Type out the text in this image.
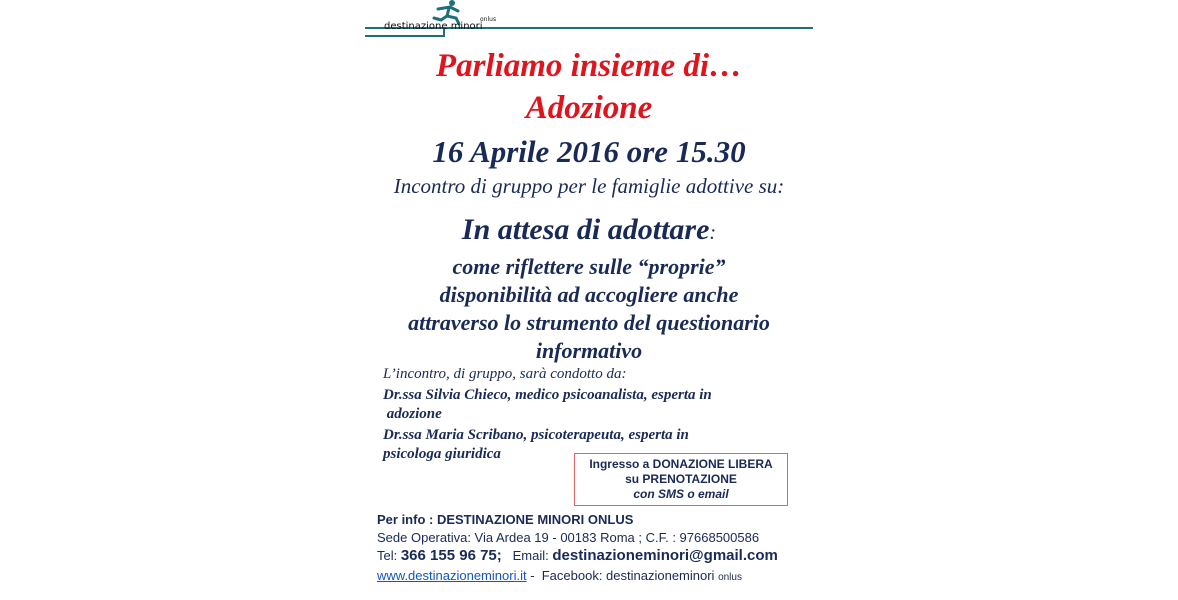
destinazione minori
onlus
Parliamo insieme di…
Adozione
16 Aprile 2016 ore 15.30
Incontro di gruppo per le famiglie adottive su:
In attesa di adottare:
come riflettere sulle “proprie”
disponibilità ad accogliere anche
attraverso lo strumento del questionario
informativo
L’incontro, di gruppo, sarà condotto da:
Dr.ssa Silvia Chieco, medico psicoanalista, esperta in
adozione
Dr.ssa Maria Scribano, psicoterapeuta, esperta in
psicologa giuridica
Ingresso a DONAZIONE LIBERA
su PRENOTAZIONE
con SMS o email
Per info : DESTINAZIONE MINORI ONLUS
Sede Operativa: Via Ardea 19 - 00183 Roma ; C.F. : 97668500586
Tel: 366 155 96 75;   Email: destinazioneminori@gmail.com
www.destinazioneminori.it -  Facebook: destinazioneminori onlus
